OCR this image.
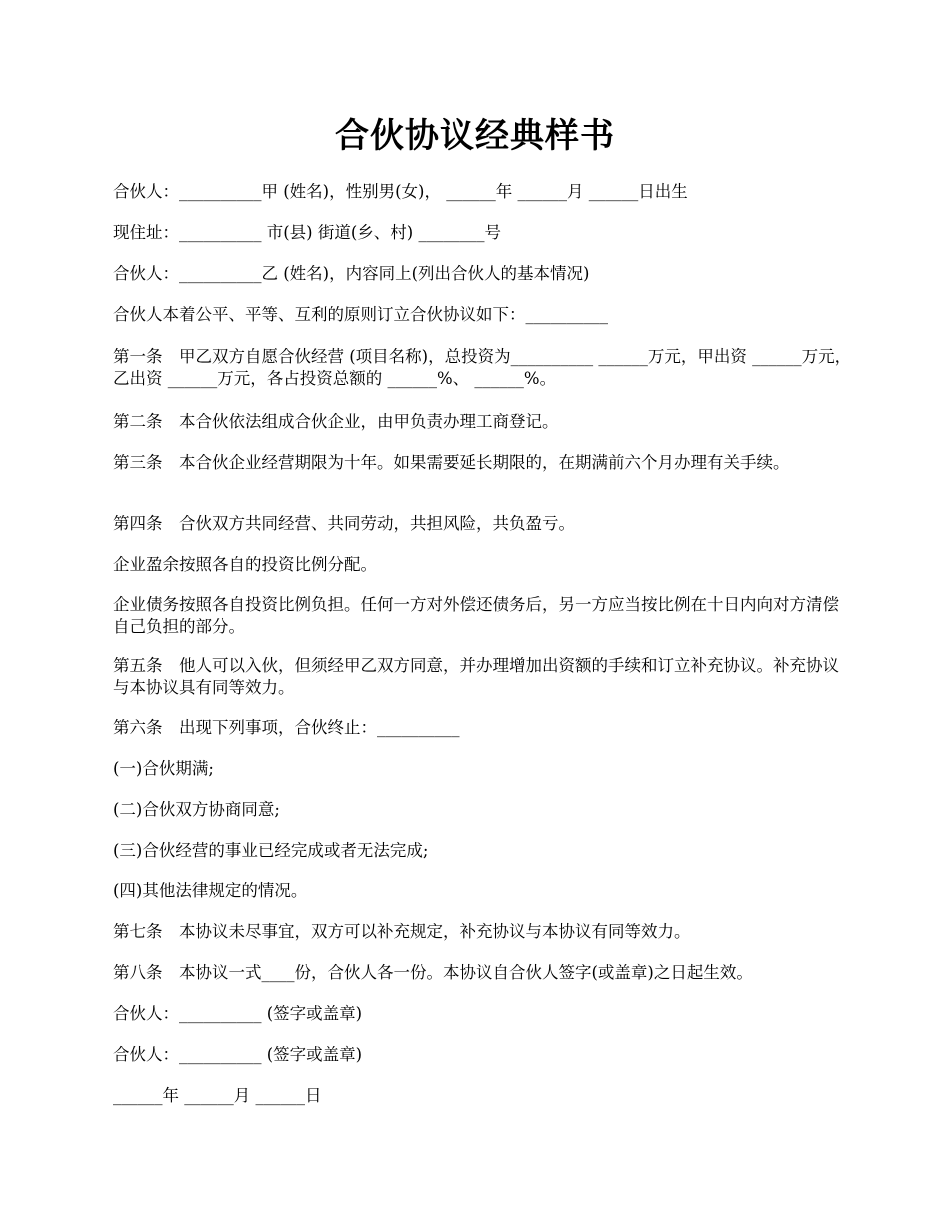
合伙协议经典样书

合伙人：__________甲 (姓名)，性别男(女)， ______年 ______月 ______日出生

现住址：__________ 市(县) 街道(乡、村) ________号

合伙人：__________乙 (姓名)，内容同上(列出合伙人的基本情况)

合伙人本着公平、平等、互利的原则订立合伙协议如下：__________

第一条　甲乙双方自愿合伙经营 (项目名称)，总投资为__________ ______万元，甲出资 ______万元，乙出资 ______万元，各占投资总额的 ______%、 ______%。

第二条　本合伙依法组成合伙企业，由甲负责办理工商登记。

第三条　本合伙企业经营期限为十年。如果需要延长期限的，在期满前六个月办理有关手续。

第四条　合伙双方共同经营、共同劳动，共担风险，共负盈亏。

企业盈余按照各自的投资比例分配。

企业债务按照各自投资比例负担。任何一方对外偿还债务后，另一方应当按比例在十日内向对方清偿自己负担的部分。

第五条　他人可以入伙，但须经甲乙双方同意，并办理增加出资额的手续和订立补充协议。补充协议与本协议具有同等效力。

第六条　出现下列事项，合伙终止：__________

(一)合伙期满;

(二)合伙双方协商同意;

(三)合伙经营的事业已经完成或者无法完成;

(四)其他法律规定的情况。

第七条　本协议未尽事宜，双方可以补充规定，补充协议与本协议有同等效力。

第八条　本协议一式____份，合伙人各一份。本协议自合伙人签字(或盖章)之日起生效。

合伙人：__________ (签字或盖章)

合伙人：__________ (签字或盖章)

______年 ______月 ______日
